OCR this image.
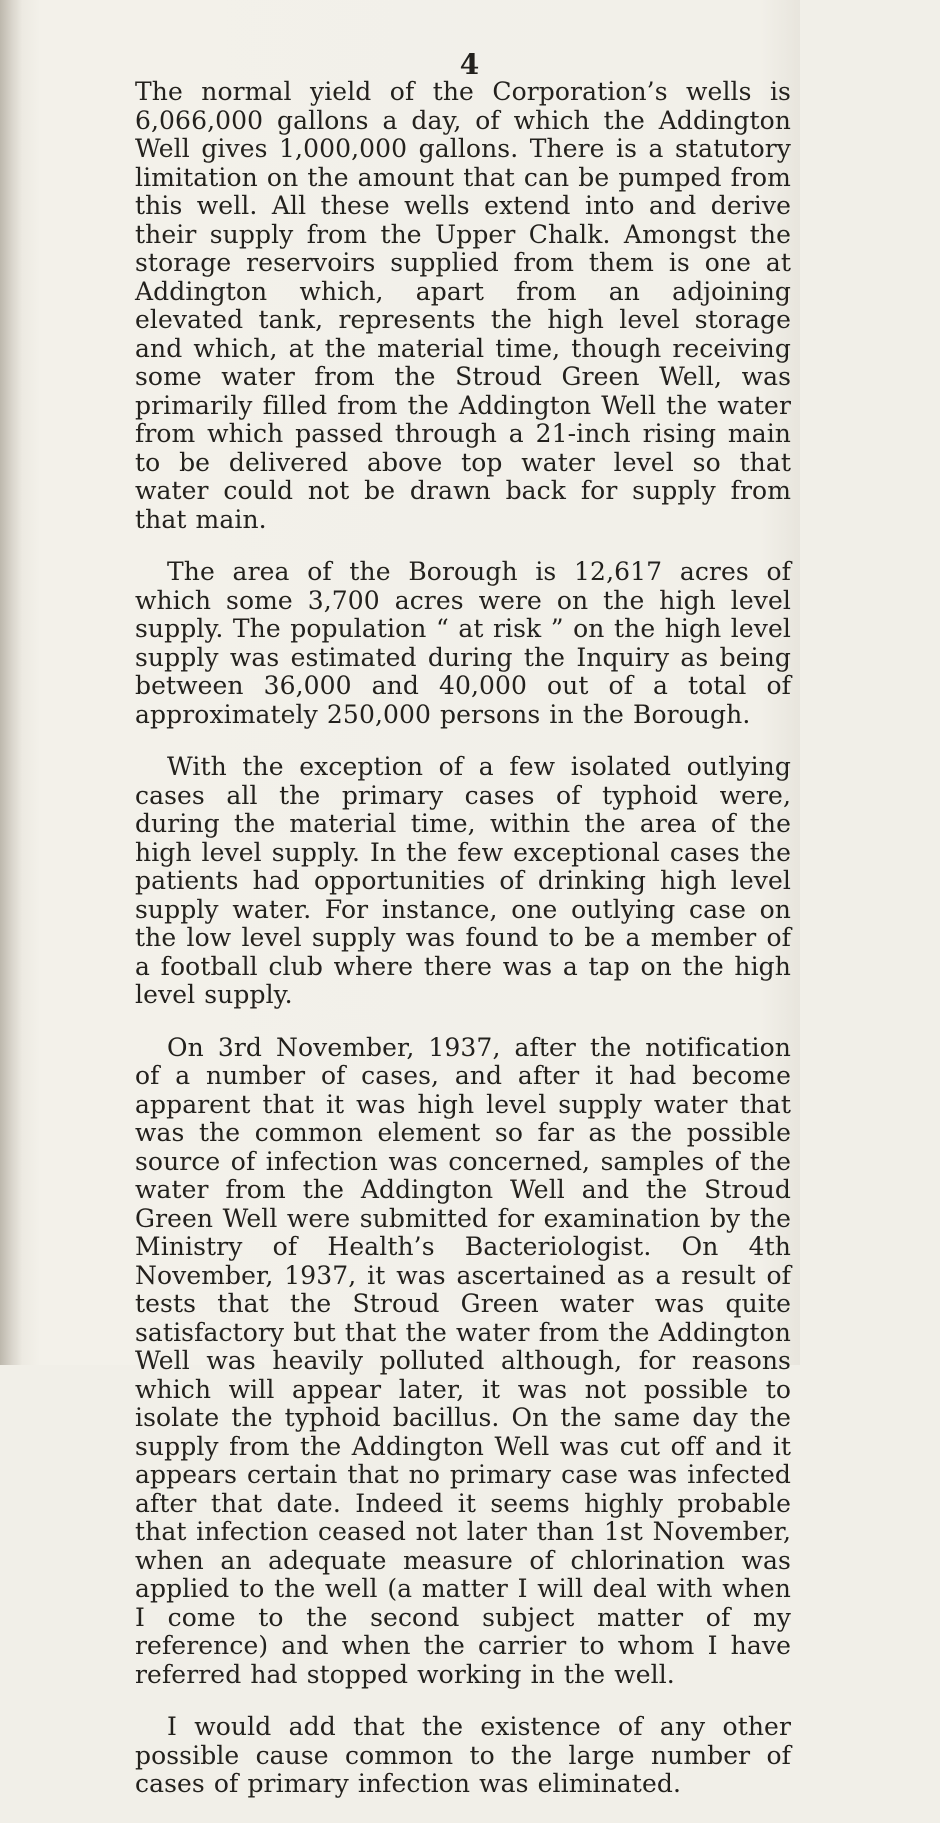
4

The normal yield of the Corporation’s wells is 6,066,000 gallons a day, of which the Addington Well gives 1,000,000 gallons. There is a statutory limitation on the amount that can be pumped from this well. All these wells extend into and derive their supply from the Upper Chalk. Amongst the storage reservoirs supplied from them is one at Addington which, apart from an adjoining elevated tank, represents the high level storage and which, at the material time, though receiving some water from the Stroud Green Well, was primarily filled from the Addington Well the water from which passed through a 21-inch rising main to be delivered above top water level so that water could not be drawn back for supply from that main.

The area of the Borough is 12,617 acres of which some 3,700 acres were on the high level supply. The population “ at risk ” on the high level supply was estimated during the Inquiry as being between 36,000 and 40,000 out of a total of approximately 250,000 persons in the Borough.

With the exception of a few isolated outlying cases all the primary cases of typhoid were, during the material time, within the area of the high level supply. In the few exceptional cases the patients had opportunities of drinking high level supply water. For instance, one outlying case on the low level supply was found to be a member of a football club where there was a tap on the high level supply.

On 3rd November, 1937, after the notification of a number of cases, and after it had become apparent that it was high level supply water that was the common element so far as the possible source of infection was concerned, samples of the water from the Addington Well and the Stroud Green Well were submitted for examination by the Ministry of Health’s Bacteriologist. On 4th November, 1937, it was ascertained as a result of tests that the Stroud Green water was quite satisfactory but that the water from the Addington Well was heavily polluted although, for reasons which will appear later, it was not possible to isolate the typhoid bacillus. On the same day the supply from the Addington Well was cut off and it appears certain that no primary case was infected after that date. Indeed it seems highly probable that infection ceased not later than 1st November, when an adequate measure of chlorination was applied to the well (a matter I will deal with when I come to the second subject matter of my reference) and when the carrier to whom I have referred had stopped working in the well.

I would add that the existence of any other possible cause common to the large number of cases of primary infection was eliminated.
